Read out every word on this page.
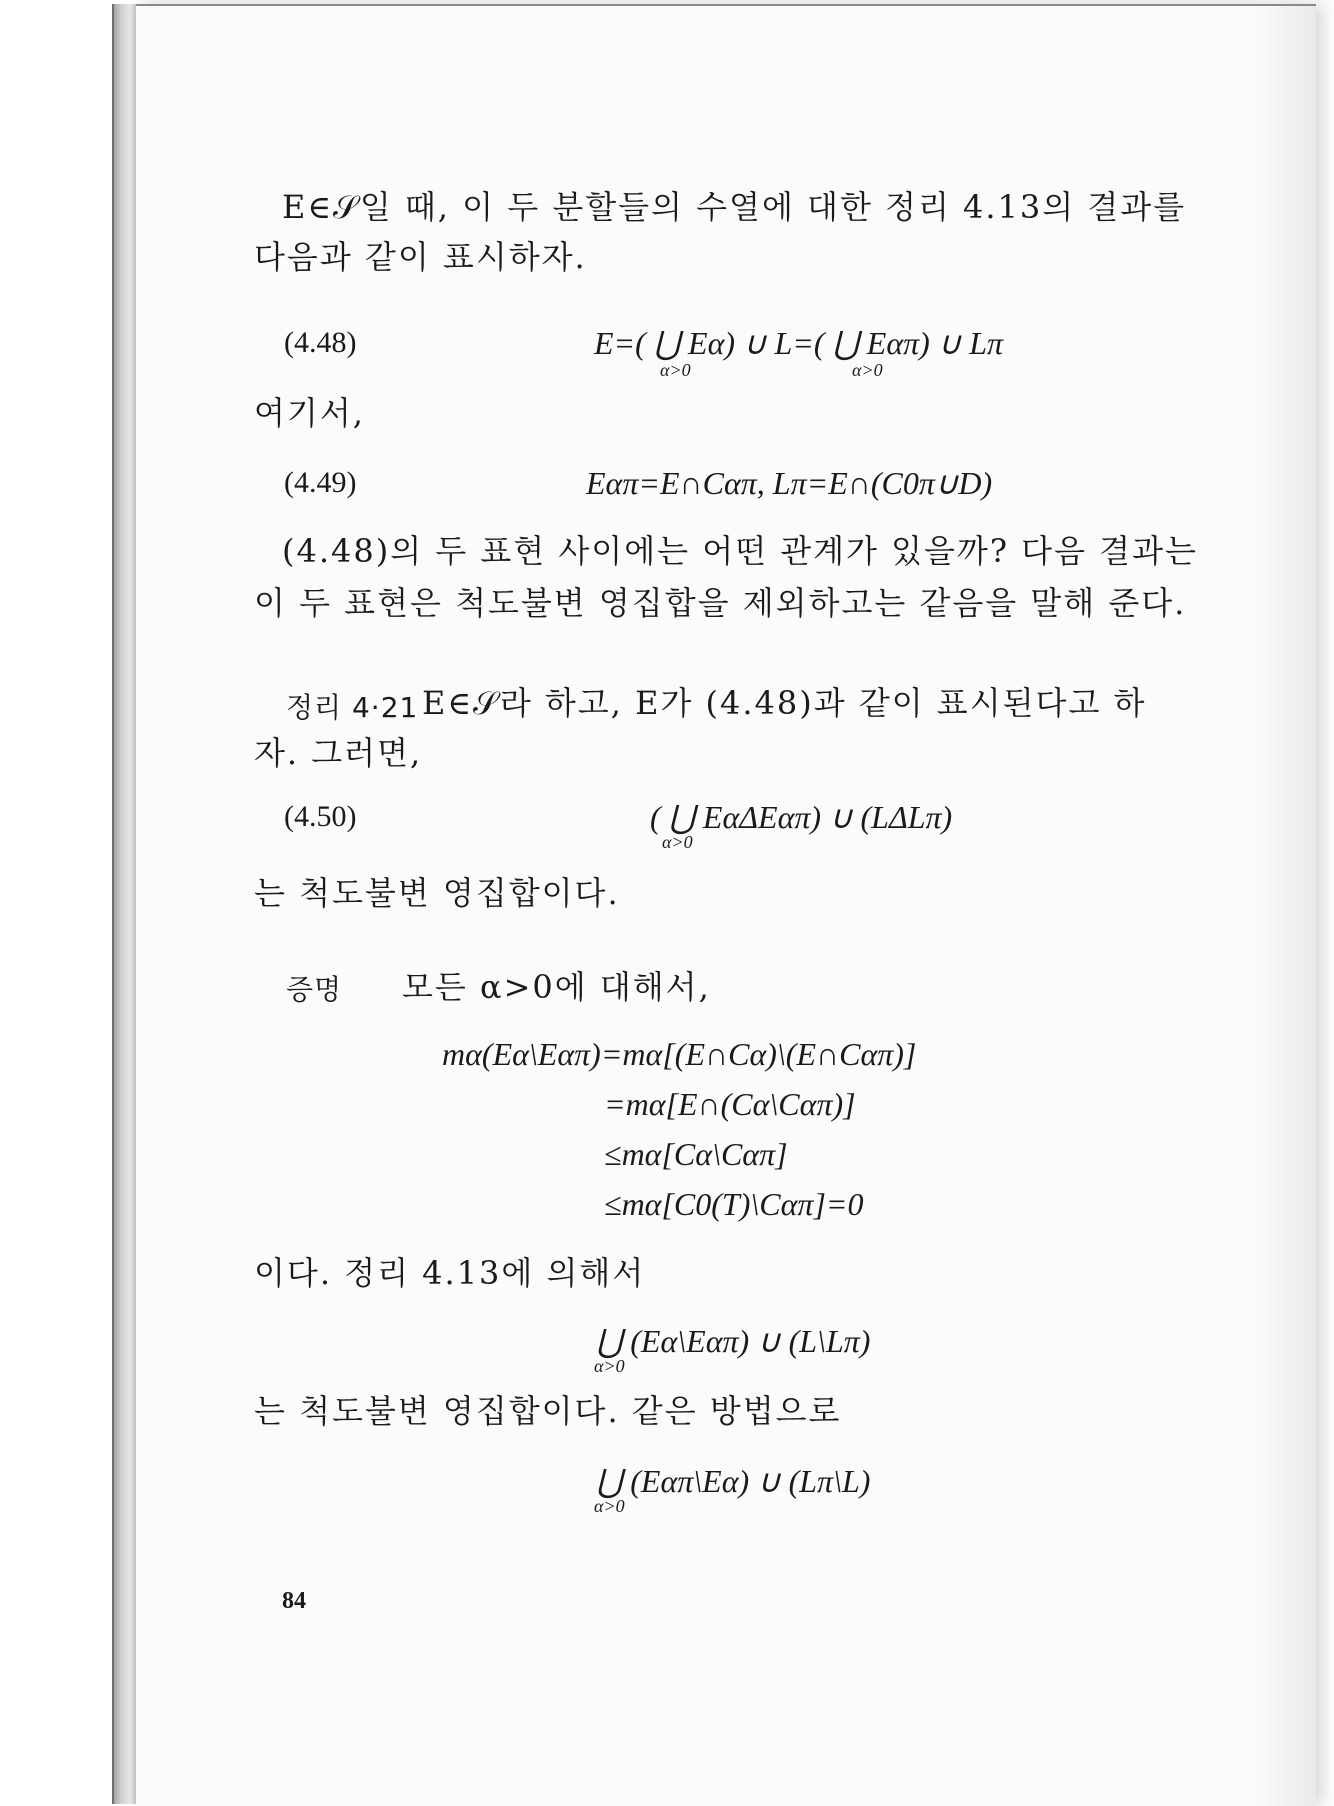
E∈𝒮일 때, 이 두 분할들의 수열에 대한 정리 4.13의 결과를
다음과 같이 표시하자.
(4.48)	E=( ⋃ Eα) ∪ L=( ⋃ Eαπ) ∪ Lπ
α>0	α>0
여기서,
(4.49)	Eαπ=E∩Cαπ, Lπ=E∩(C0π∪D)
(4.48)의 두 표현 사이에는 어떤 관계가 있을까? 다음 결과는
이 두 표현은 척도불변 영집합을 제외하고는 같음을 말해 준다.
정리 4·21 E∈𝒮라 하고, E가 (4.48)과 같이 표시된다고 하
자. 그러면,
(4.50)	( ⋃ EαΔEαπ) ∪ (LΔLπ)
α>0
는 척도불변 영집합이다.
증명 모든 α>0에 대해서,
mα(Eα\Eαπ)=mα[(E∩Cα)\(E∩Cαπ)]
=mα[E∩(Cα\Cαπ)]
≤mα[Cα\Cαπ]
≤mα[C0(T)\Cαπ]=0
이다. 정리 4.13에 의해서
⋃ (Eα\Eαπ) ∪ (L\Lπ)
α>0
는 척도불변 영집합이다. 같은 방법으로
⋃ (Eαπ\Eα) ∪ (Lπ\L)
α>0
84
